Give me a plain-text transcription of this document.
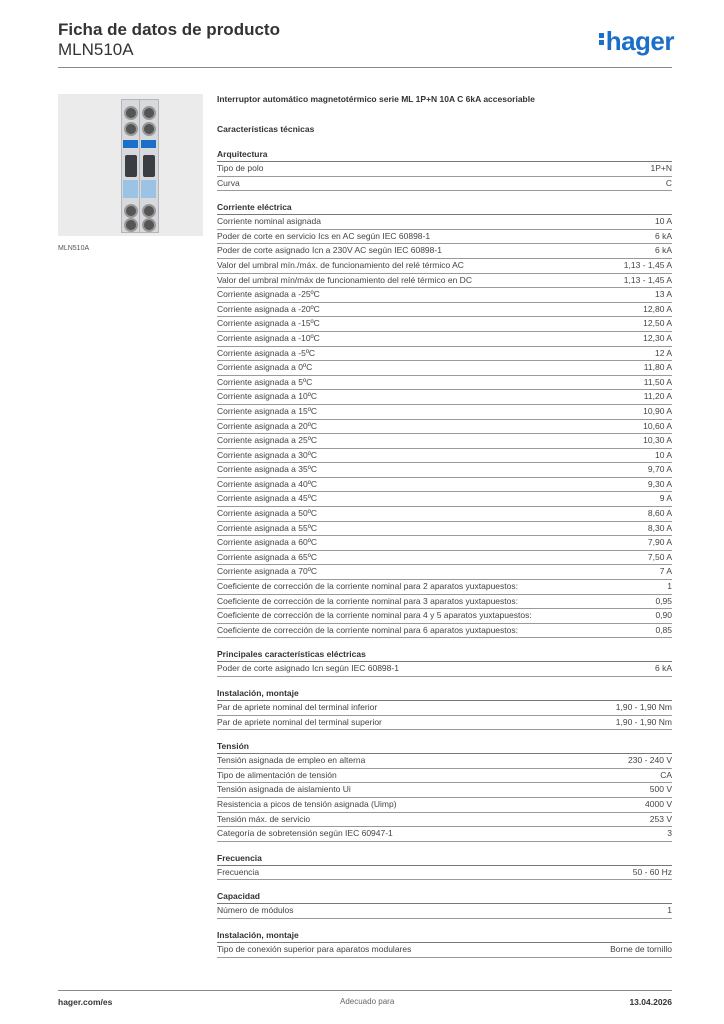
Ficha de datos de producto
MLN510A	hager
MLN510A
Interruptor automático magnetotérmico serie ML 1P+N 10A C 6kA accesoriable
Características técnicas
Arquitectura
Tipo de polo	1P+N
Curva	C
Corriente eléctrica
Corriente nominal asignada	10 A
Poder de corte en servicio Ics en AC según IEC 60898-1	6 kA
Poder de corte asignado Icn a 230V AC según IEC 60898-1	6 kA
Valor del umbral mín./máx. de funcionamiento del relé térmico AC	1,13 - 1,45 A
Valor del umbral mín/máx de funcionamiento del relé térmico en DC	1,13 - 1,45 A
Corriente asignada a -25ºC	13 A
Corriente asignada a -20ºC	12,80 A
Corriente asignada a -15ºC	12,50 A
Corriente asignada a -10ºC	12,30 A
Corriente asignada a -5ºC	12 A
Corriente asignada a 0ºC	11,80 A
Corriente asignada a 5ºC	11,50 A
Corriente asignada a 10ºC	11,20 A
Corriente asignada a 15ºC	10,90 A
Corriente asignada a 20ºC	10,60 A
Corriente asignada a 25ºC	10,30 A
Corriente asignada a 30ºC	10 A
Corriente asignada a 35ºC	9,70 A
Corriente asignada a 40ºC	9,30 A
Corriente asignada a 45ºC	9 A
Corriente asignada a 50ºC	8,60 A
Corriente asignada a 55ºC	8,30 A
Corriente asignada a 60ºC	7,90 A
Corriente asignada a 65ºC	7,50 A
Corriente asignada a 70ºC	7 A
Coeficiente de corrección de la corriente nominal para 2 aparatos yuxtapuestos:	1
Coeficiente de corrección de la corriente nominal para 3 aparatos yuxtapuestos:	0,95
Coeficiente de corrección de la corriente nominal para 4 y 5 aparatos yuxtapuestos:	0,90
Coeficiente de corrección de la corriente nominal para 6 aparatos yuxtapuestos:	0,85
Principales características eléctricas
Poder de corte asignado Icn según IEC 60898-1	6 kA
Instalación, montaje
Par de apriete nominal del terminal inferior	1,90 - 1,90 Nm
Par de apriete nominal del terminal superior	1,90 - 1,90 Nm
Tensión
Tensión asignada de empleo en alterna	230 - 240 V
Tipo de alimentación de tensión	CA
Tensión asignada de aislamiento Ui	500 V
Resistencia a picos de tensión asignada (Uimp)	4000 V
Tensión máx. de servicio	253 V
Categoría de sobretensión según IEC 60947-1	3
Frecuencia
Frecuencia	50 - 60 Hz
Capacidad
Número de módulos	1
Instalación, montaje
Tipo de conexión superior para aparatos modulares	Borne de tornillo
hager.com/es	Adecuado para	13.04.2026
